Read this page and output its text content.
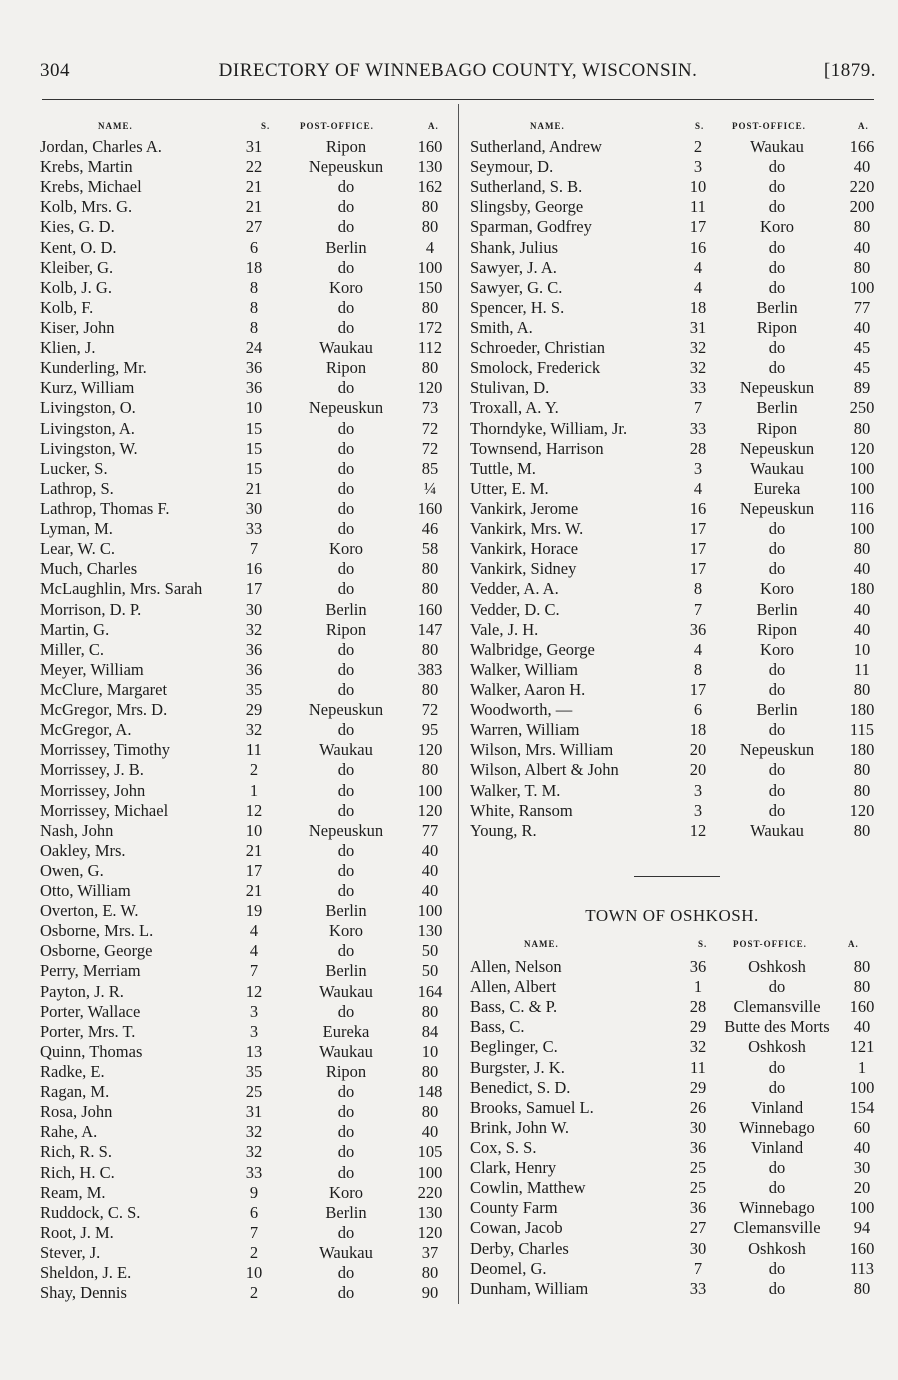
304	DIRECTORY OF WINNEBAGO COUNTY, WISCONSIN.	[1879.
NAME.	S.	POST-OFFICE.	A.	NAME.	S.	POST-OFFICE.	A.
Jordan, Charles A.	31	Ripon	160
Krebs, Martin	22	Nepeuskun	130
Krebs, Michael	21	do	162
Kolb, Mrs. G.	21	do	80
Kies, G. D.	27	do	80
Kent, O. D.	6	Berlin	4
Kleiber, G.	18	do	100
Kolb, J. G.	8	Koro	150
Kolb, F.	8	do	80
Kiser, John	8	do	172
Klien, J.	24	Waukau	112
Kunderling, Mr.	36	Ripon	80
Kurz, William	36	do	120
Livingston, O.	10	Nepeuskun	73
Livingston, A.	15	do	72
Livingston, W.	15	do	72
Lucker, S.	15	do	85
Lathrop, S.	21	do	¼
Lathrop, Thomas F.	30	do	160
Lyman, M.	33	do	46
Lear, W. C.	7	Koro	58
Much, Charles	16	do	80
McLaughlin, Mrs. Sarah	17	do	80
Morrison, D. P.	30	Berlin	160
Martin, G.	32	Ripon	147
Miller, C.	36	do	80
Meyer, William	36	do	383
McClure, Margaret	35	do	80
McGregor, Mrs. D.	29	Nepeuskun	72
McGregor, A.	32	do	95
Morrissey, Timothy	11	Waukau	120
Morrissey, J. B.	2	do	80
Morrissey, John	1	do	100
Morrissey, Michael	12	do	120
Nash, John	10	Nepeuskun	77
Oakley, Mrs.	21	do	40
Owen, G.	17	do	40
Otto, William	21	do	40
Overton, E. W.	19	Berlin	100
Osborne, Mrs. L.	4	Koro	130
Osborne, George	4	do	50
Perry, Merriam	7	Berlin	50
Payton, J. R.	12	Waukau	164
Porter, Wallace	3	do	80
Porter, Mrs. T.	3	Eureka	84
Quinn, Thomas	13	Waukau	10
Radke, E.	35	Ripon	80
Ragan, M.	25	do	148
Rosa, John	31	do	80
Rahe, A.	32	do	40
Rich, R. S.	32	do	105
Rich, H. C.	33	do	100
Ream, M.	9	Koro	220
Ruddock, C. S.	6	Berlin	130
Root, J. M.	7	do	120
Stever, J.	2	Waukau	37
Sheldon, J. E.	10	do	80
Shay, Dennis	2	do	90
Sutherland, Andrew	2	Waukau	166
Seymour, D.	3	do	40
Sutherland, S. B.	10	do	220
Slingsby, George	11	do	200
Sparman, Godfrey	17	Koro	80
Shank, Julius	16	do	40
Sawyer, J. A.	4	do	80
Sawyer, G. C.	4	do	100
Spencer, H. S.	18	Berlin	77
Smith, A.	31	Ripon	40
Schroeder, Christian	32	do	45
Smolock, Frederick	32	do	45
Stulivan, D.	33	Nepeuskun	89
Troxall, A. Y.	7	Berlin	250
Thorndyke, William, Jr.	33	Ripon	80
Townsend, Harrison	28	Nepeuskun	120
Tuttle, M.	3	Waukau	100
Utter, E. M.	4	Eureka	100
Vankirk, Jerome	16	Nepeuskun	116
Vankirk, Mrs. W.	17	do	100
Vankirk, Horace	17	do	80
Vankirk, Sidney	17	do	40
Vedder, A. A.	8	Koro	180
Vedder, D. C.	7	Berlin	40
Vale, J. H.	36	Ripon	40
Walbridge, George	4	Koro	10
Walker, William	8	do	11
Walker, Aaron H.	17	do	80
Woodworth, —	6	Berlin	180
Warren, William	18	do	115
Wilson, Mrs. William	20	Nepeuskun	180
Wilson, Albert & John	20	do	80
Walker, T. M.	3	do	80
White, Ransom	3	do	120
Young, R.	12	Waukau	80
TOWN OF OSHKOSH.
NAME.	S.	POST-OFFICE.	A.
Allen, Nelson	36	Oshkosh	80
Allen, Albert	1	do	80
Bass, C. & P.	28	Clemansville	160
Bass, C.	29	Butte des Morts	40
Beglinger, C.	32	Oshkosh	121
Burgster, J. K.	11	do	1
Benedict, S. D.	29	do	100
Brooks, Samuel L.	26	Vinland	154
Brink, John W.	30	Winnebago	60
Cox, S. S.	36	Vinland	40
Clark, Henry	25	do	30
Cowlin, Matthew	25	do	20
County Farm	36	Winnebago	100
Cowan, Jacob	27	Clemansville	94
Derby, Charles	30	Oshkosh	160
Deomel, G.	7	do	113
Dunham, William	33	do	80
